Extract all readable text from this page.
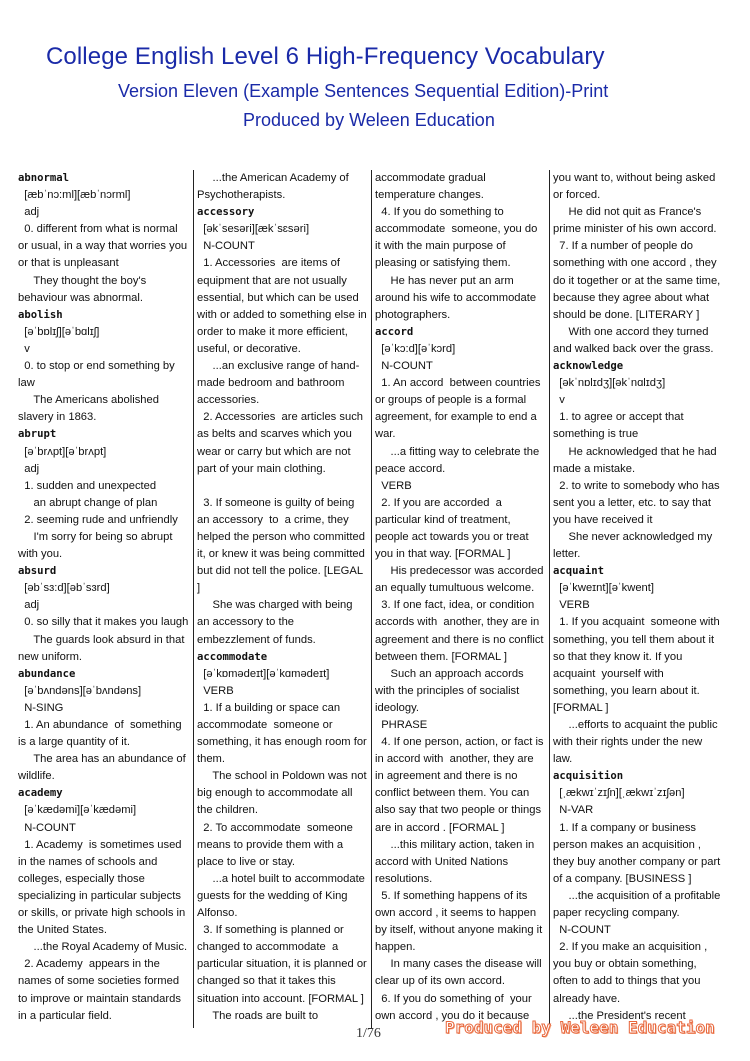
College English Level 6 High-Frequency Vocabulary
Version Eleven (Example Sentences Sequential Edition)-Print
Produced by Weleen Education
abnormal
[æbˈnɔ:ml][æbˈnɔrml]
adj
0. different from what is normal
or usual, in a way that worries you
or that is unpleasant
They thought the boy's
behaviour was abnormal.
abolish
[əˈbɒlɪʃ][əˈbɑlɪʃ]
v
0. to stop or end something by
law
The Americans abolished
slavery in 1863.
abrupt
[əˈbrʌpt][əˈbrʌpt]
adj
1. sudden and unexpected
an abrupt change of plan
2. seeming rude and unfriendly
I'm sorry for being so abrupt
with you.
absurd
[əbˈsɜ:d][əbˈsɜrd]
adj
0. so silly that it makes you laugh
The guards look absurd in that
new uniform.
abundance
[əˈbʌndəns][əˈbʌndəns]
N-SING
1. An abundance  of  something
is a large quantity of it.
The area has an abundance of
wildlife.
academy
[əˈkædəmi][əˈkædəmi]
N-COUNT
1. Academy  is sometimes used
in the names of schools and
colleges, especially those
specializing in particular subjects
or skills, or private high schools in
the United States.
...the Royal Academy of Music.
2. Academy  appears in the
names of some societies formed
to improve or maintain standards
in a particular field.
...the American Academy of
Psychotherapists.
accessory
[əkˈsesəri][ækˈsɛsəri]
N-COUNT
1. Accessories  are items of
equipment that are not usually
essential, but which can be used
with or added to something else in
order to make it more efficient,
useful, or decorative.
...an exclusive range of hand-
made bedroom and bathroom
accessories.
2. Accessories  are articles such
as belts and scarves which you
wear or carry but which are not
part of your main clothing.

3. If someone is guilty of being
an accessory  to  a crime, they
helped the person who committed
it, or knew it was being committed
but did not tell the police. [LEGAL
]
She was charged with being
an accessory to the
embezzlement of funds.
accommodate
[əˈkɒmədeɪt][əˈkɑmədeɪt]
VERB
1. If a building or space can
accommodate  someone or
something, it has enough room for
them.
The school in Poldown was not
big enough to accommodate all
the children.
2. To accommodate  someone
means to provide them with a
place to live or stay.
...a hotel built to accommodate
guests for the wedding of King
Alfonso.
3. If something is planned or
changed to accommodate  a
particular situation, it is planned or
changed so that it takes this
situation into account. [FORMAL ]
The roads are built to
accommodate gradual
temperature changes.
4. If you do something to
accommodate  someone, you do
it with the main purpose of
pleasing or satisfying them.
He has never put an arm
around his wife to accommodate
photographers.
accord
[əˈkɔ:d][əˈkɔrd]
N-COUNT
1. An accord  between countries
or groups of people is a formal
agreement, for example to end a
war.
...a fitting way to celebrate the
peace accord.
VERB
2. If you are accorded  a
particular kind of treatment,
people act towards you or treat
you in that way. [FORMAL ]
His predecessor was accorded
an equally tumultuous welcome.
3. If one fact, idea, or condition
accords with  another, they are in
agreement and there is no conflict
between them. [FORMAL ]
Such an approach accords
with the principles of socialist
ideology.
PHRASE
4. If one person, action, or fact is
in accord with  another, they are
in agreement and there is no
conflict between them. You can
also say that two people or things
are in accord . [FORMAL ]
...this military action, taken in
accord with United Nations
resolutions.
5. If something happens of its
own accord , it seems to happen
by itself, without anyone making it
happen.
In many cases the disease will
clear up of its own accord.
6. If you do something of  your
own accord , you do it because
you want to, without being asked
or forced.
He did not quit as France's
prime minister of his own accord.
7. If a number of people do
something with one accord , they
do it together or at the same time,
because they agree about what
should be done. [LITERARY ]
With one accord they turned
and walked back over the grass.
acknowledge
[əkˈnɒlɪdʒ][əkˈnɑlɪdʒ]
v
1. to agree or accept that
something is true
He acknowledged that he had
made a mistake.
2. to write to somebody who has
sent you a letter, etc. to say that
you have received it
She never acknowledged my
letter.
acquaint
[əˈkweɪnt][əˈkwent]
VERB
1. If you acquaint  someone with
something, you tell them about it
so that they know it. If you
acquaint  yourself with
something, you learn about it.
[FORMAL ]
...efforts to acquaint the public
with their rights under the new
law.
acquisition
[ˌækwɪˈzɪʃn][ˌækwɪˈzɪʃən]
N-VAR
1. If a company or business
person makes an acquisition ,
they buy another company or part
of a company. [BUSINESS ]
...the acquisition of a profitable
paper recycling company.
N-COUNT
2. If you make an acquisition ,
you buy or obtain something,
often to add to things that you
already have.
...the President's recent
1/76	Produced by Weleen Education
